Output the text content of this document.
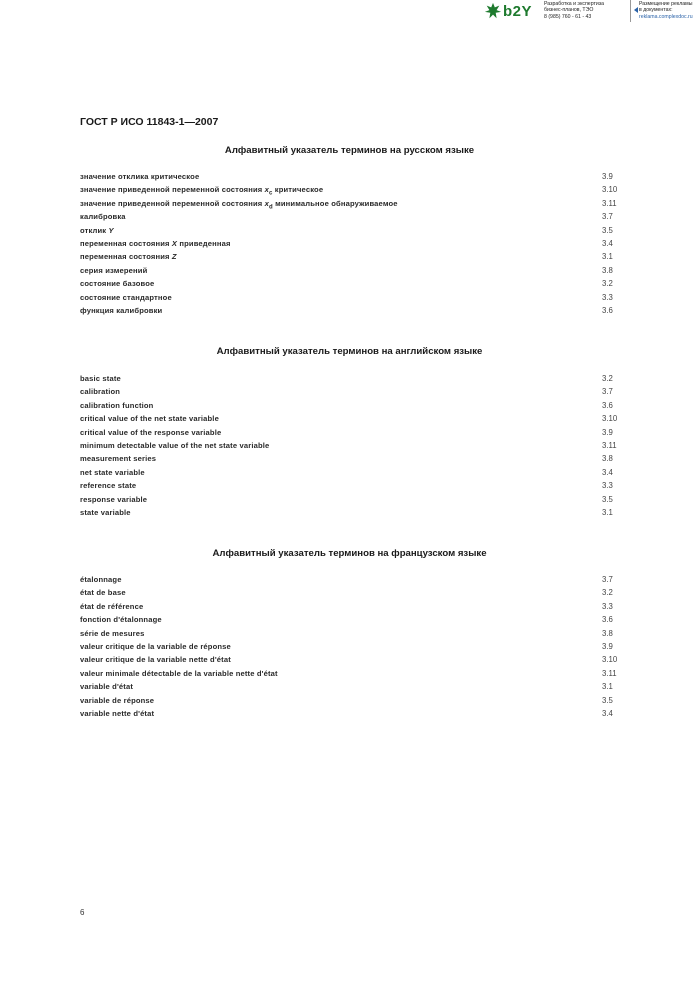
b2Y Разработка и экспертиза
бизнес-планов, ТЭО
8 (985) 760 - 61 - 43
Размещение рекламы
в документах:
reklama.complexdoc.ru
ГОСТ Р ИСО 11843-1—2007
Алфавитный указатель терминов на русском языке
значение отклика критическое	3.9
значение приведенной переменной состояния $x_c$ критическое	3.10
значение приведенной переменной состояния $x_d$ минимальное обнаруживаемое	3.11
калибровка	3.7
отклик Y	3.5
переменная состояния X приведенная	3.4
переменная состояния Z	3.1
серия измерений	3.8
состояние базовое	3.2
состояние стандартное	3.3
функция калибровки	3.6
Алфавитный указатель терминов на английском языке
basic state	3.2
calibration	3.7
calibration function	3.6
critical value of the net state variable	3.10
critical value of the response variable	3.9
minimum detectable value of the net state variable	3.11
measurement series	3.8
net state variable	3.4
reference state	3.3
response variable	3.5
state variable	3.1
Алфавитный указатель терминов на французском языке
étalonnage	3.7
état de base	3.2
état de référence	3.3
fonction d'étalonnage	3.6
série de mesures	3.8
valeur critique de la variable de réponse	3.9
valeur critique de la variable nette d'état	3.10
valeur minimale détectable de la variable nette d'état	3.11
variable d'état	3.1
variable de réponse	3.5
variable nette d'état	3.4
6
